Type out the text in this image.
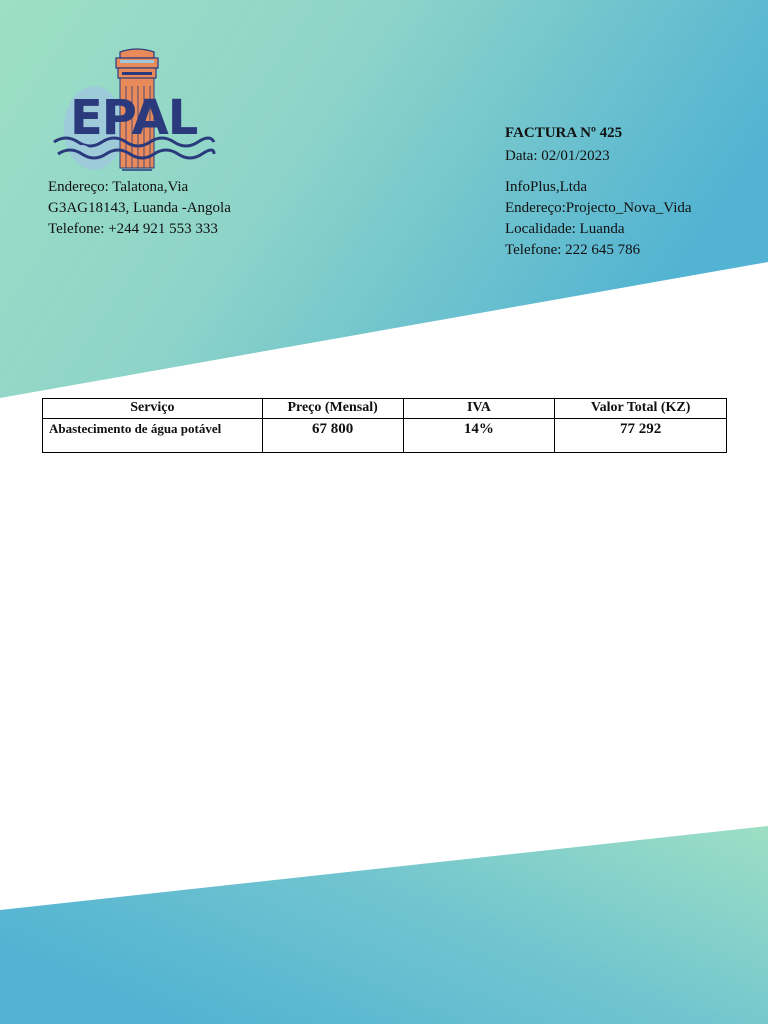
EPAL	FACTURA Nº 425
Data: 02/01/2023
Endereço: Talatona,Via
G3AG18143, Luanda -Angola
Telefone: +244 921 553 333
InfoPlus,Ltda
Endereço:Projecto_Nova_Vida
Localidade: Luanda
Telefone: 222 645 786
Serviço	Preço (Mensal)	IVA	Valor Total (KZ)
Abastecimento de água potável	67 800	14%	77 292
